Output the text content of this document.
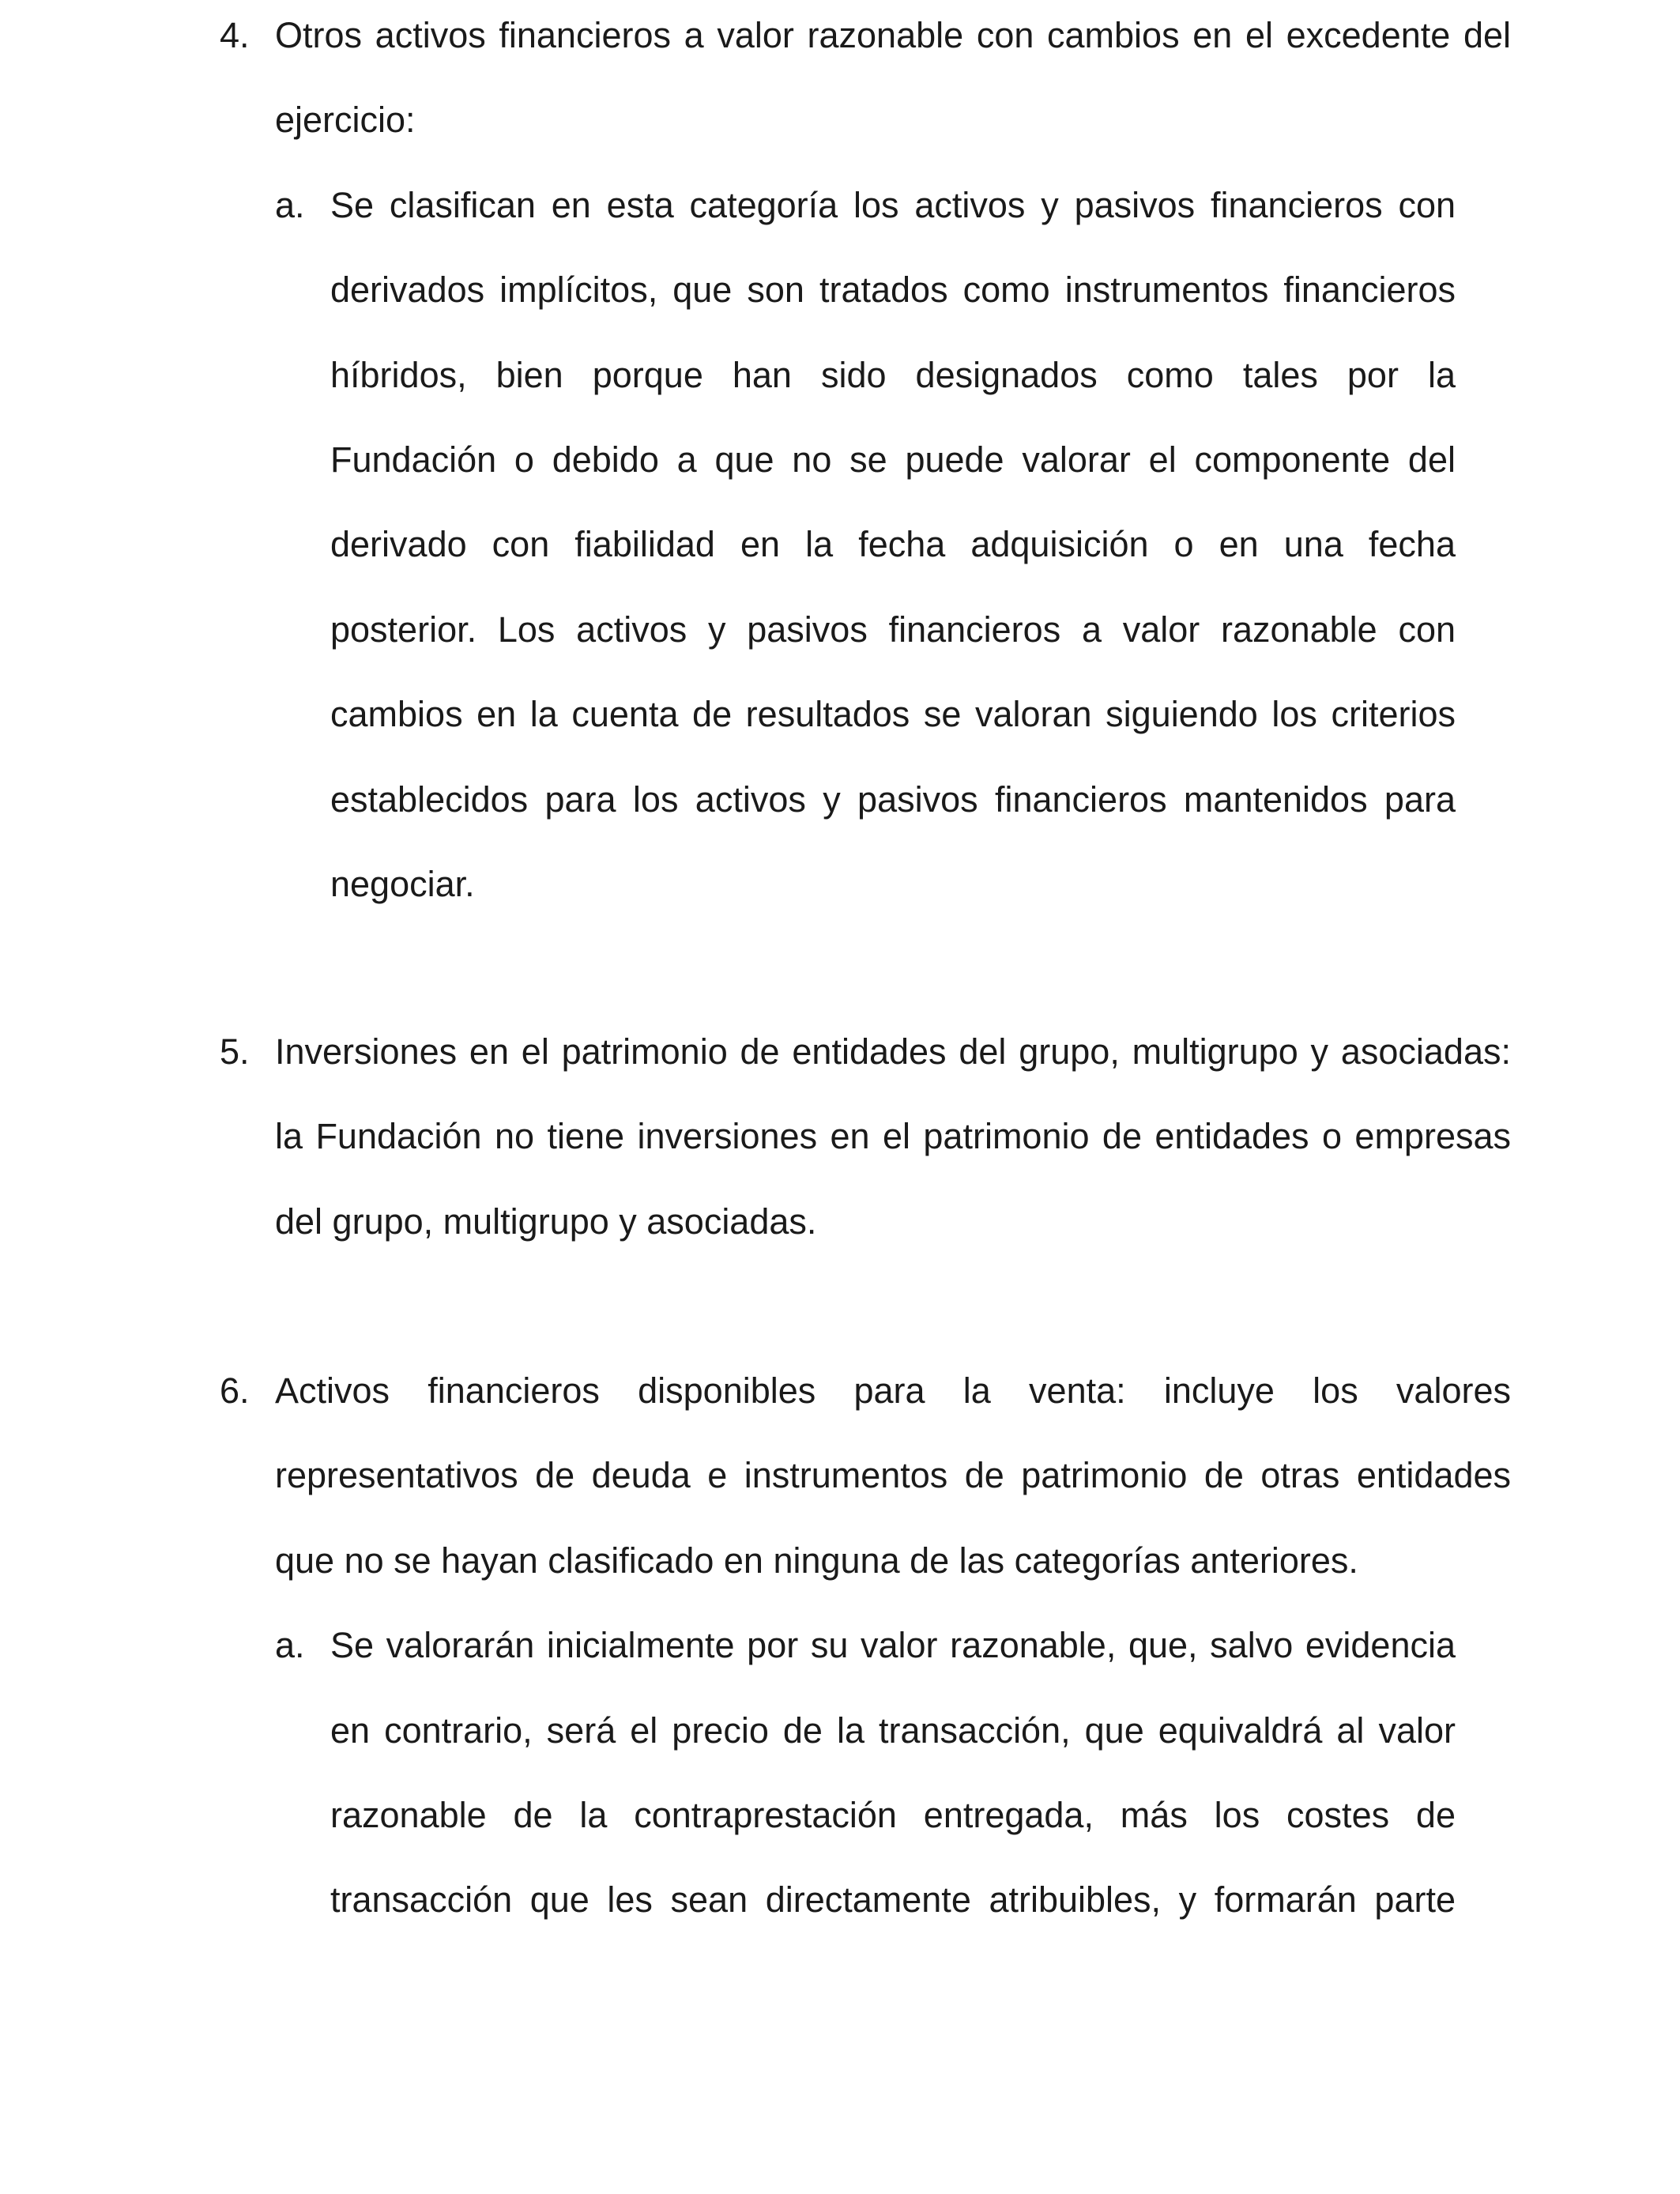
4. Otros activos financieros a valor razonable con cambios en el excedente del
ejercicio:
a. Se clasifican en esta categoría los activos y pasivos financieros con
derivados implícitos, que son tratados como instrumentos financieros
híbridos, bien porque han sido designados como tales por la
Fundación o debido a que no se puede valorar el componente del
derivado con fiabilidad en la fecha adquisición o en una fecha
posterior. Los activos y pasivos financieros a valor razonable con
cambios en la cuenta de resultados se valoran siguiendo los criterios
establecidos para los activos y pasivos financieros mantenidos para
negociar.
5. Inversiones en el patrimonio de entidades del grupo, multigrupo y asociadas:
la Fundación no tiene inversiones en el patrimonio de entidades o empresas
del grupo, multigrupo y asociadas.
6. Activos financieros disponibles para la venta: incluye los valores
representativos de deuda e instrumentos de patrimonio de otras entidades
que no se hayan clasificado en ninguna de las categorías anteriores.
a. Se valorarán inicialmente por su valor razonable, que, salvo evidencia
en contrario, será el precio de la transacción, que equivaldrá al valor
razonable de la contraprestación entregada, más los costes de
transacción que les sean directamente atribuibles, y formarán parte
